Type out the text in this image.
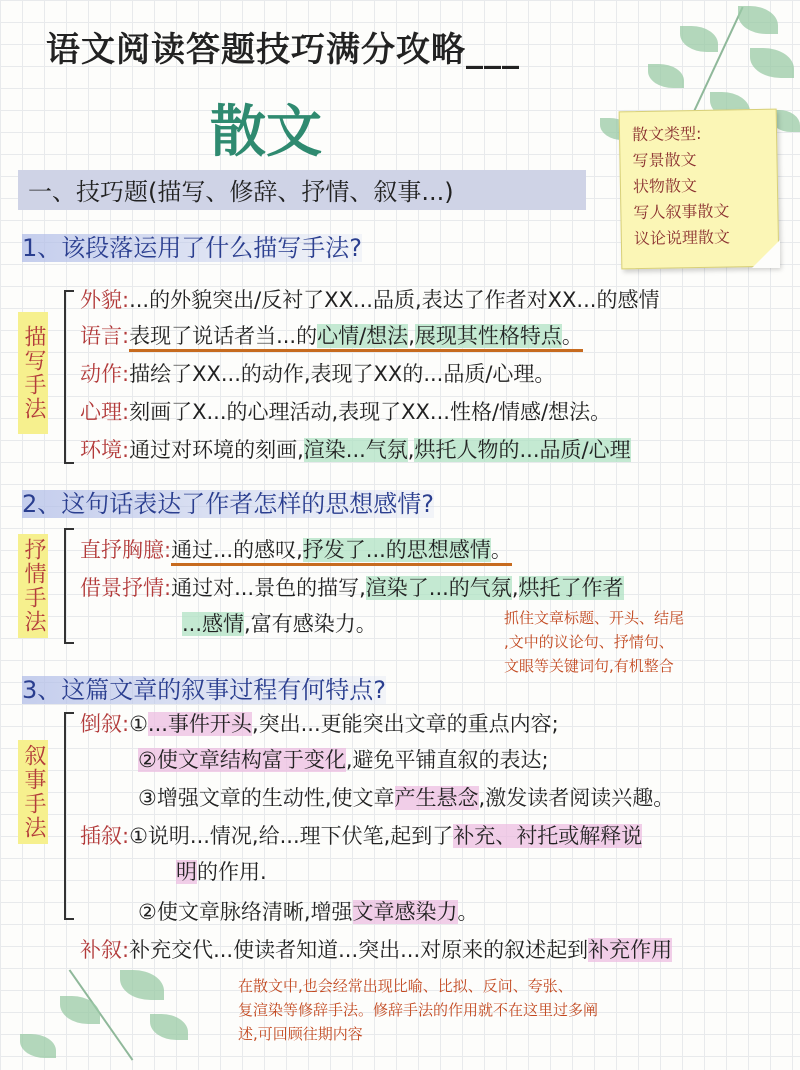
语文阅读答题技巧满分攻略___
散文	散文类型:
写景散文
状物散文
写人叙事散文
议论说理散文
一、技巧题(描写、修辞、抒情、叙事...)
1、该段落运用了什么描写手法?
描写手法
外貌:...的外貌突出/反衬了XX...品质,表达了作者对XX...的感情
语言:表现了说话者当...的心情/想法,展现其性格特点。
动作:描绘了XX...的动作,表现了XX的...品质/心理。
心理:刻画了X...的心理活动,表现了XX...性格/情感/想法。
环境:通过对环境的刻画,渲染...气氛,烘托人物的...品质/心理
2、这句话表达了作者怎样的思想感情?
抒情手法 直抒胸臆:通过...的感叹,抒发了...的思想感情。
借景抒情:通过对...景色的描写,渲染了...的气氛,烘托了作者
...感情,富有感染力。	抓住文章标题、开头、结尾
,文中的议论句、抒情句、
文眼等关键词句,有机整合
3、这篇文章的叙事过程有何特点?
叙事手法
倒叙:①...事件开头,突出...更能突出文章的重点内容;
②使文章结构富于变化,避免平铺直叙的表达;
③增强文章的生动性,使文章产生悬念,激发读者阅读兴趣。
插叙:①说明...情况,给...理下伏笔,起到了补充、衬托或解释说
明的作用.
②使文章脉络清晰,增强文章感染力。
补叙:补充交代...使读者知道...突出...对原来的叙述起到补充作用
在散文中,也会经常出现比喻、比拟、反问、夸张、
复渲染等修辞手法。修辞手法的作用就不在这里过多阐
述,可回顾往期内容
